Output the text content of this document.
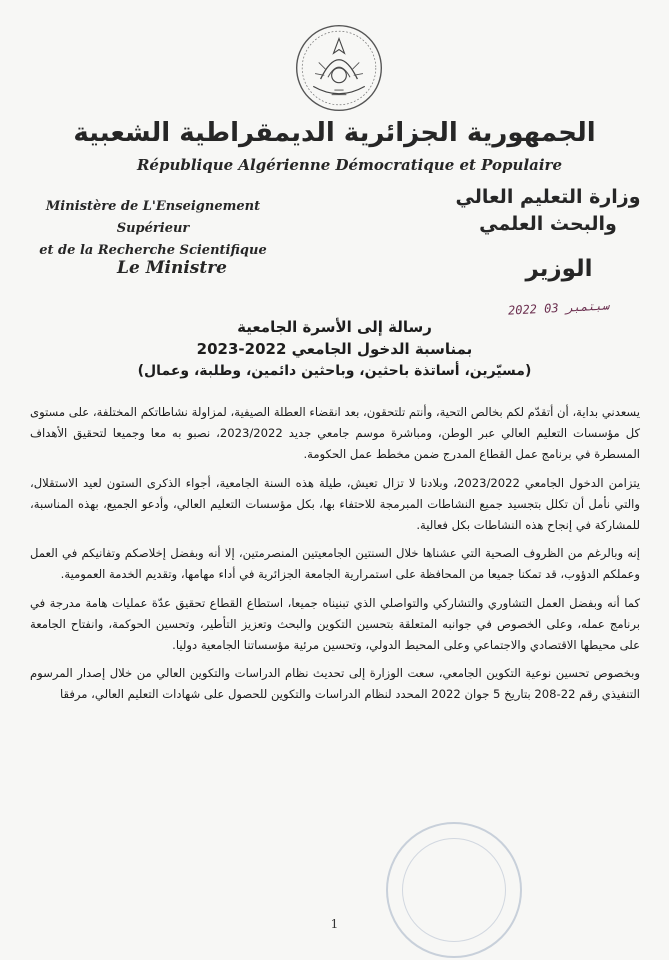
الجمهورية الجزائرية الديمقراطية الشعبية
République Algérienne Démocratique et Populaire
Ministère de L'Enseignement Supérieur
et de la Recherche Scientifique
وزارة التعليم العالي
والبحث العلمي
Le Ministre	الوزير
2022 سبتمبر 03
رسالة إلى الأسرة الجامعية
بمناسبة الدخول الجامعي 2022-2023
(مسيّرين، أساتذة باحثين، وباحثين دائمين، وطلبة، وعمال)

يسعدني بداية، أن أتقدّم لكم بخالص التحية، وأنتم تلتحقون، بعد انقضاء العطلة الصيفية، لمزاولة نشاطاتكم المختلفة، على مستوى كل مؤسسات التعليم العالي عبر الوطن، ومباشرة موسم جامعي جديد 2023/2022، نصبو به معا وجميعا لتحقيق الأهداف المسطرة في برنامج عمل القطاع المدرج ضمن مخطط عمل الحكومة.

يتزامن الدخول الجامعي 2023/2022، وبلادنا لا تزال تعيش، طيلة هذه السنة الجامعية، أجواء الذكرى الستون لعيد الاستقلال، والتي نأمل أن تكلل بتجسيد جميع النشاطات المبرمجة للاحتفاء بها، بكل مؤسسات التعليم العالي، وأدعو الجميع، بهذه المناسبة، للمشاركة في إنجاح هذه النشاطات بكل فعالية.

إنه وبالرغم من الظروف الصحية التي عشناها خلال السنتين الجامعيتين المنصرمتين، إلا أنه وبفضل إخلاصكم وتفانيكم في العمل وعملكم الدؤوب، قد تمكنا جميعا من المحافظة على استمرارية الجامعة الجزائرية في أداء مهامها، وتقديم الخدمة العمومية.

كما أنه وبفضل العمل التشاوري والتشاركي والتواصلي الذي تبنيناه جميعا، استطاع القطاع تحقيق عدّة عمليات هامة مدرجة في برنامج عمله، وعلى الخصوص في جوانبه المتعلقة بتحسين التكوين والبحث وتعزيز التأطير، وتحسين الحوكمة، وانفتاح الجامعة على محيطها الاقتصادي والاجتماعي وعلى المحيط الدولي، وتحسين مرئية مؤسساتنا الجامعية دوليا.

وبخصوص تحسين نوعية التكوين الجامعي، سعت الوزارة إلى تحديث نظام الدراسات والتكوين العالي من خلال إصدار المرسوم التنفيذي رقم 22-208 بتاريخ 5 جوان 2022 المحدد لنظام الدراسات والتكوين للحصول على شهادات التعليم العالي، مرفقا

1
